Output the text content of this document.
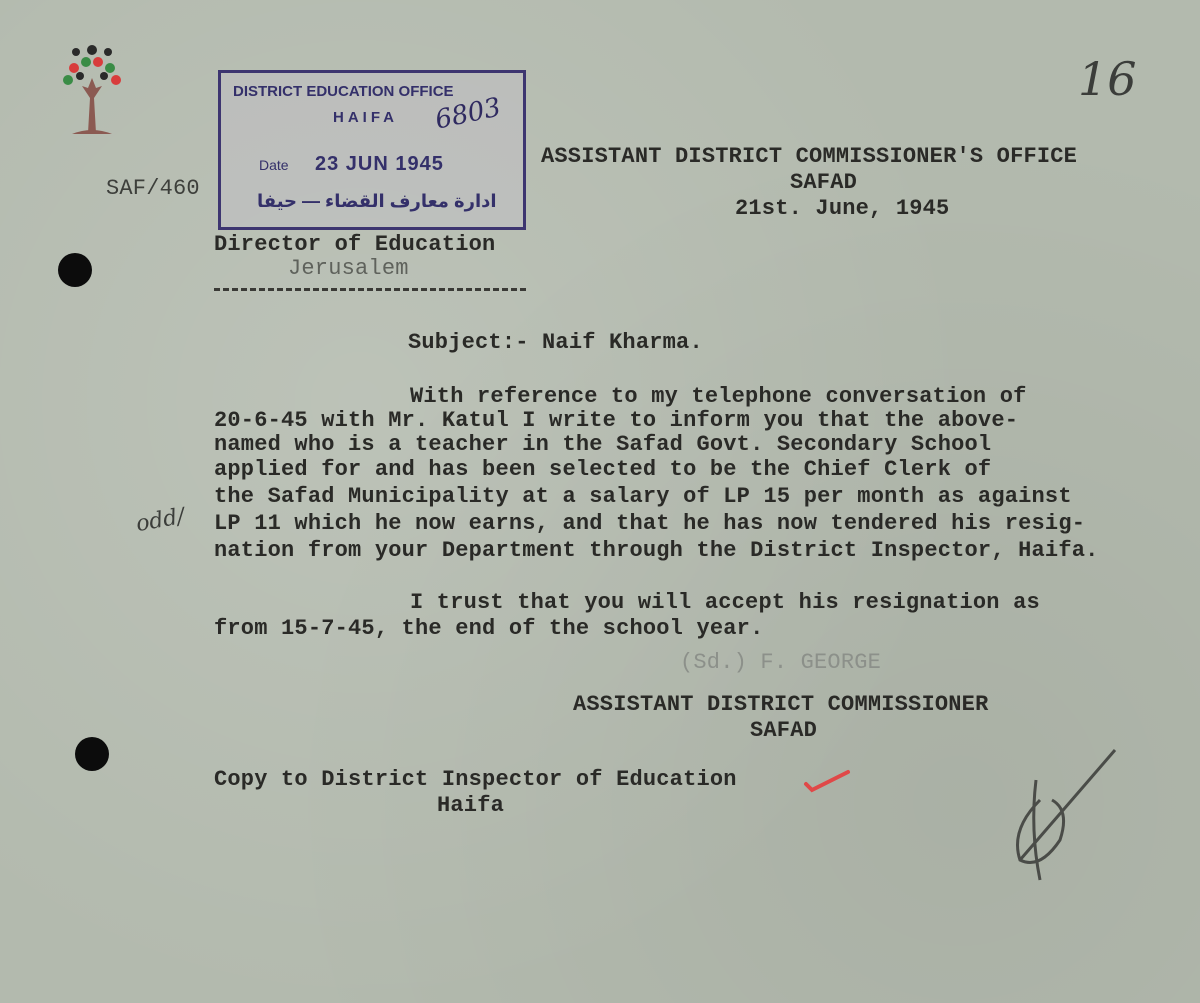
16
SAF/460
DISTRICT EDUCATION OFFICE
HAIFA 6803
Date 23 JUN 1945
ادارة معارف القضاء — حيفا
ASSISTANT DISTRICT COMMISSIONER'S OFFICE
SAFAD
21st. June, 1945
Director of Education
Jerusalem
Subject:- Naif Kharma.
With reference to my telephone conversation of
20-6-45 with Mr. Katul I write to inform you that the above-
named who is a teacher in the Safad Govt. Secondary School
applied for and has been selected to be the Chief Clerk of
the Safad Municipality at a salary of LP 15 per month as against
LP 11 which he now earns, and that he has now tendered his resig-
nation from your Department through the District Inspector, Haifa.
odd/
I trust that you will accept his resignation as
from 15-7-45, the end of the school year.
(Sd.) F. GEORGE
ASSISTANT DISTRICT COMMISSIONER
SAFAD
Copy to District Inspector of Education
Haifa
